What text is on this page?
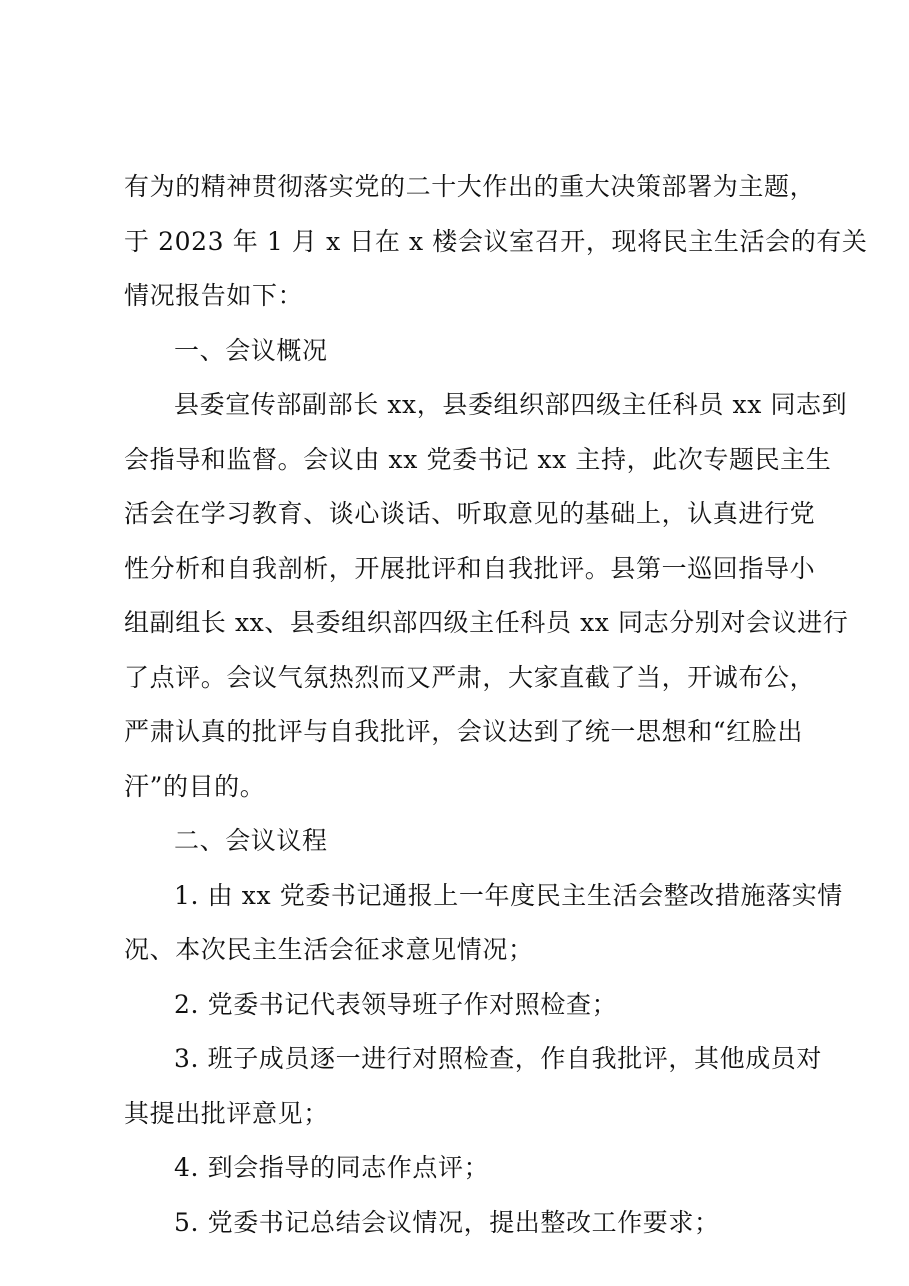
有为的精神贯彻落实党的二十大作出的重大决策部署为主题，
于 2023 年 1 月 x 日在 x 楼会议室召开，现将民主生活会的有关
情况报告如下：
一、会议概况
县委宣传部副部长 xx，县委组织部四级主任科员 xx 同志到
会指导和监督。会议由 xx 党委书记 xx 主持，此次专题民主生
活会在学习教育、谈心谈话、听取意见的基础上，认真进行党
性分析和自我剖析，开展批评和自我批评。县第一巡回指导小
组副组长 xx、县委组织部四级主任科员 xx 同志分别对会议进行
了点评。会议气氛热烈而又严肃，大家直截了当，开诚布公，
严肃认真的批评与自我批评，会议达到了统一思想和“红脸出
汗”的目的。
二、会议议程
1. 由 xx 党委书记通报上一年度民主生活会整改措施落实情
况、本次民主生活会征求意见情况；
2. 党委书记代表领导班子作对照检查；
3. 班子成员逐一进行对照检查，作自我批评，其他成员对
其提出批评意见；
4. 到会指导的同志作点评；
5. 党委书记总结会议情况，提出整改工作要求；
